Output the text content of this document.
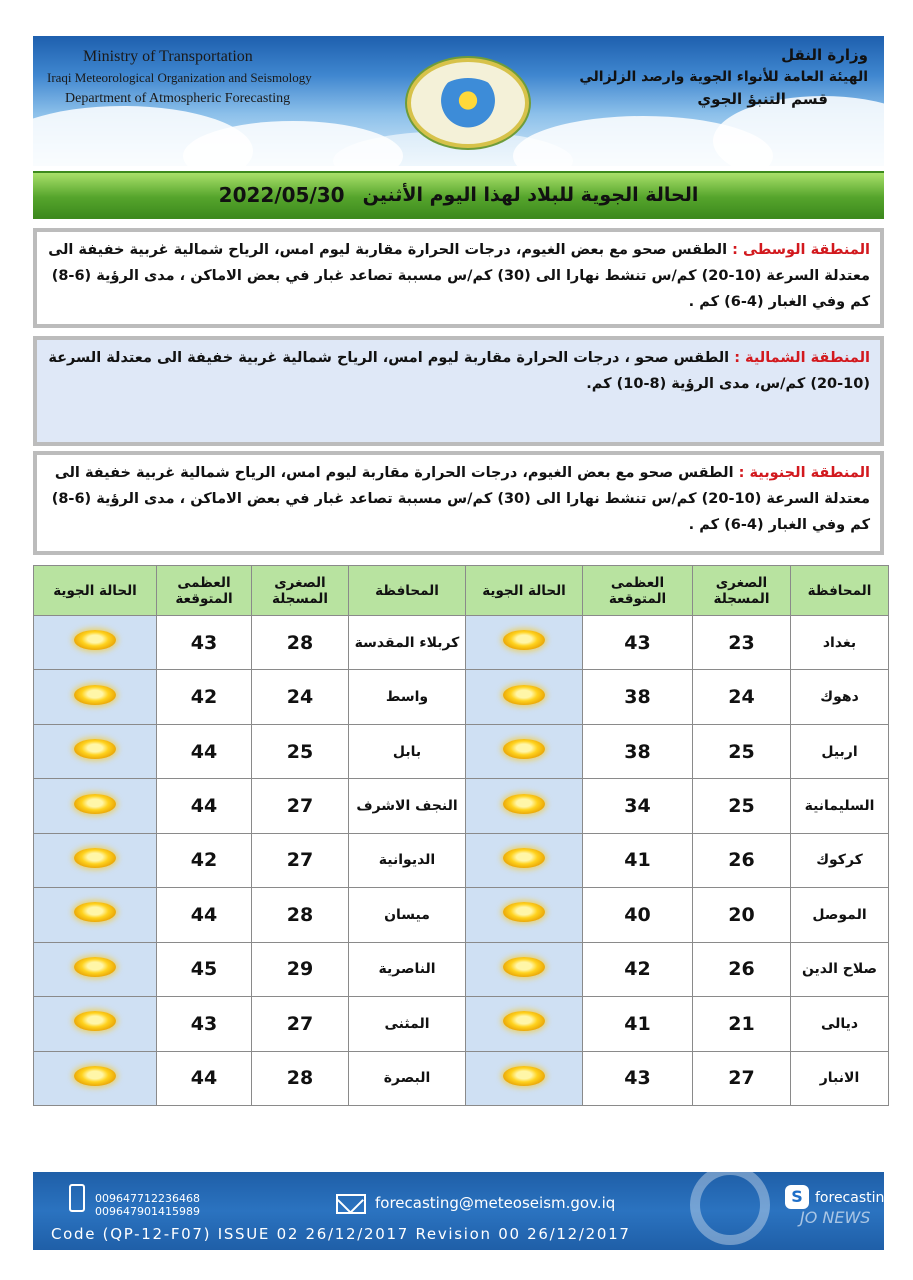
Ministry of Transportation
Iraqi Meteorological Organization and Seismology
Department of Atmospheric Forecasting
وزارة النقل
الهيئة العامة للأنواء الجوية وارصد الزلزالي
قسم التنبؤ الجوي
الحالة الجوية للبلاد لهذا اليوم الأثنين
2022/05/30
المنطقة الوسطى : الطقس صحو مع بعض الغيوم، درجات الحرارة مقاربة ليوم امس، الرياح شمالية غربية خفيفة الى معتدلة السرعة (10-20) كم/س تنشط نهارا الى (30) كم/س مسببة تصاعد غبار في بعض الاماكن ، مدى الرؤية (6-8) كم وفي الغبار (4-6) كم .
المنطقة الشمالية : الطقس صحو ، درجات الحرارة مقاربة ليوم امس، الرياح شمالية غربية خفيفة الى معتدلة السرعة (10-20) كم/س، مدى الرؤية (8-10) كم.
المنطقة الجنوبية : الطقس صحو مع بعض الغيوم، درجات الحرارة مقاربة ليوم امس، الرياح شمالية غربية خفيفة الى معتدلة السرعة (10-20) كم/س تنشط نهارا الى (30) كم/س مسببة تصاعد غبار في بعض الاماكن ، مدى الرؤية (6-8) كم وفي الغبار (4-6) كم .
المحافظة	الصغرى المسجلة	العظمى المتوقعة	الحالة الجوية	المحافظة	الصغرى المسجلة	العظمى المتوقعة	الحالة الجوية
بغداد	23	43		كربلاء المقدسة	28	43	
دهوك	24	38		واسط	24	42	
اربيل	25	38		بابل	25	44	
السليمانية	25	34		النجف الاشرف	27	44	
كركوك	26	41		الديوانية	27	42	
الموصل	20	40		ميسان	28	44	
صلاح الدين	26	42		الناصرية	29	45	
ديالى	21	41		المثنى	27	43	
الانبار	27	43		البصرة	28	44	
009647712236468
009647901415989	forecasting@meteoseism.gov.iq	S forecasting
Code (QP-12-F07) ISSUE 02 26/12/2017 Revision 00 26/12/2017
JO NEWS
